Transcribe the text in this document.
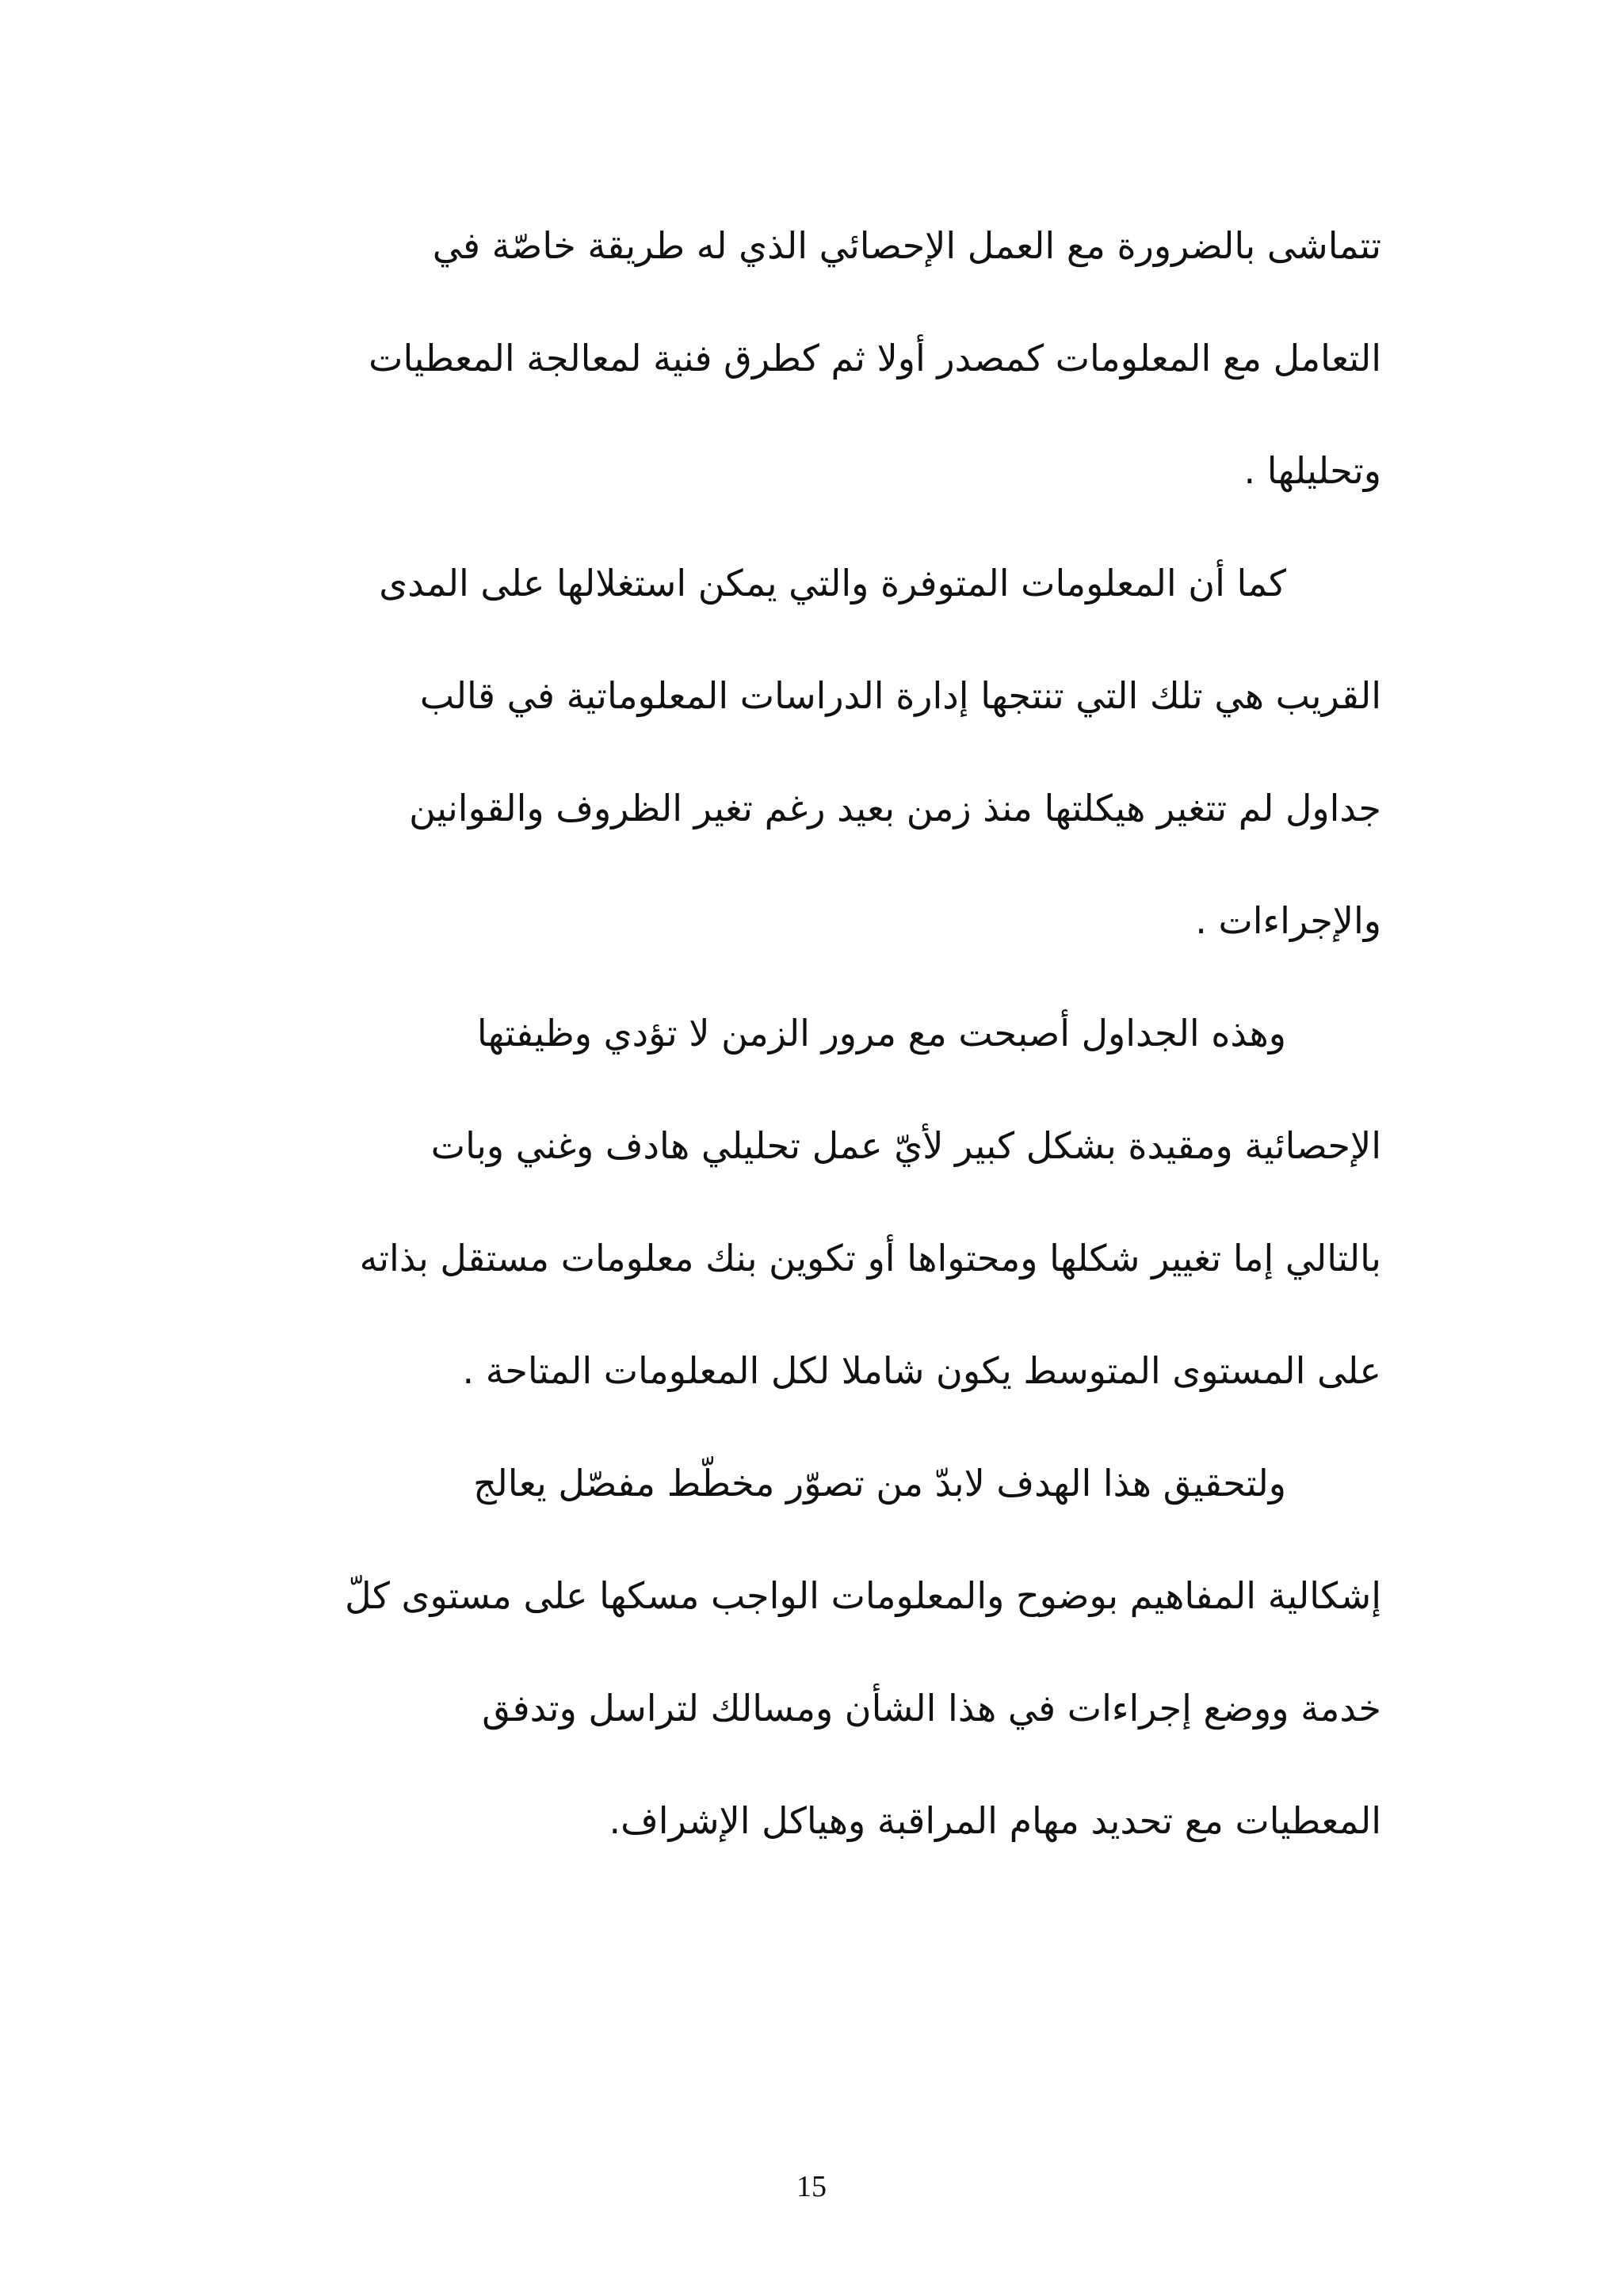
تتماشى بالضرورة مع العمل الإحصائي الذي له طريقة خاصّة في
التعامل مع المعلومات كمصدر أولا ثم كطرق فنية لمعالجة المعطيات
وتحليلها .
كما أن المعلومات المتوفرة والتي يمكن استغلالها على المدى
القريب هي تلك التي تنتجها إدارة الدراسات المعلوماتية في قالب
جداول لم تتغير هيكلتها منذ زمن بعيد رغم تغير الظروف والقوانين
والإجراءات .
وهذه الجداول أصبحت مع مرور الزمن لا تؤدي وظيفتها
الإحصائية ومقيدة بشكل كبير لأيّ عمل تحليلي هادف وغني وبات
بالتالي إما تغيير شكلها ومحتواها أو تكوين بنك معلومات مستقل بذاته
على المستوى المتوسط يكون شاملا لكل المعلومات المتاحة .
ولتحقيق هذا الهدف لابدّ من تصوّر مخطّط مفصّل يعالج
إشكالية المفاهيم بوضوح والمعلومات الواجب مسكها على مستوى كلّ
خدمة ووضع إجراءات في هذا الشأن ومسالك لتراسل وتدفق
المعطيات مع تحديد مهام المراقبة وهياكل الإشراف.
15
